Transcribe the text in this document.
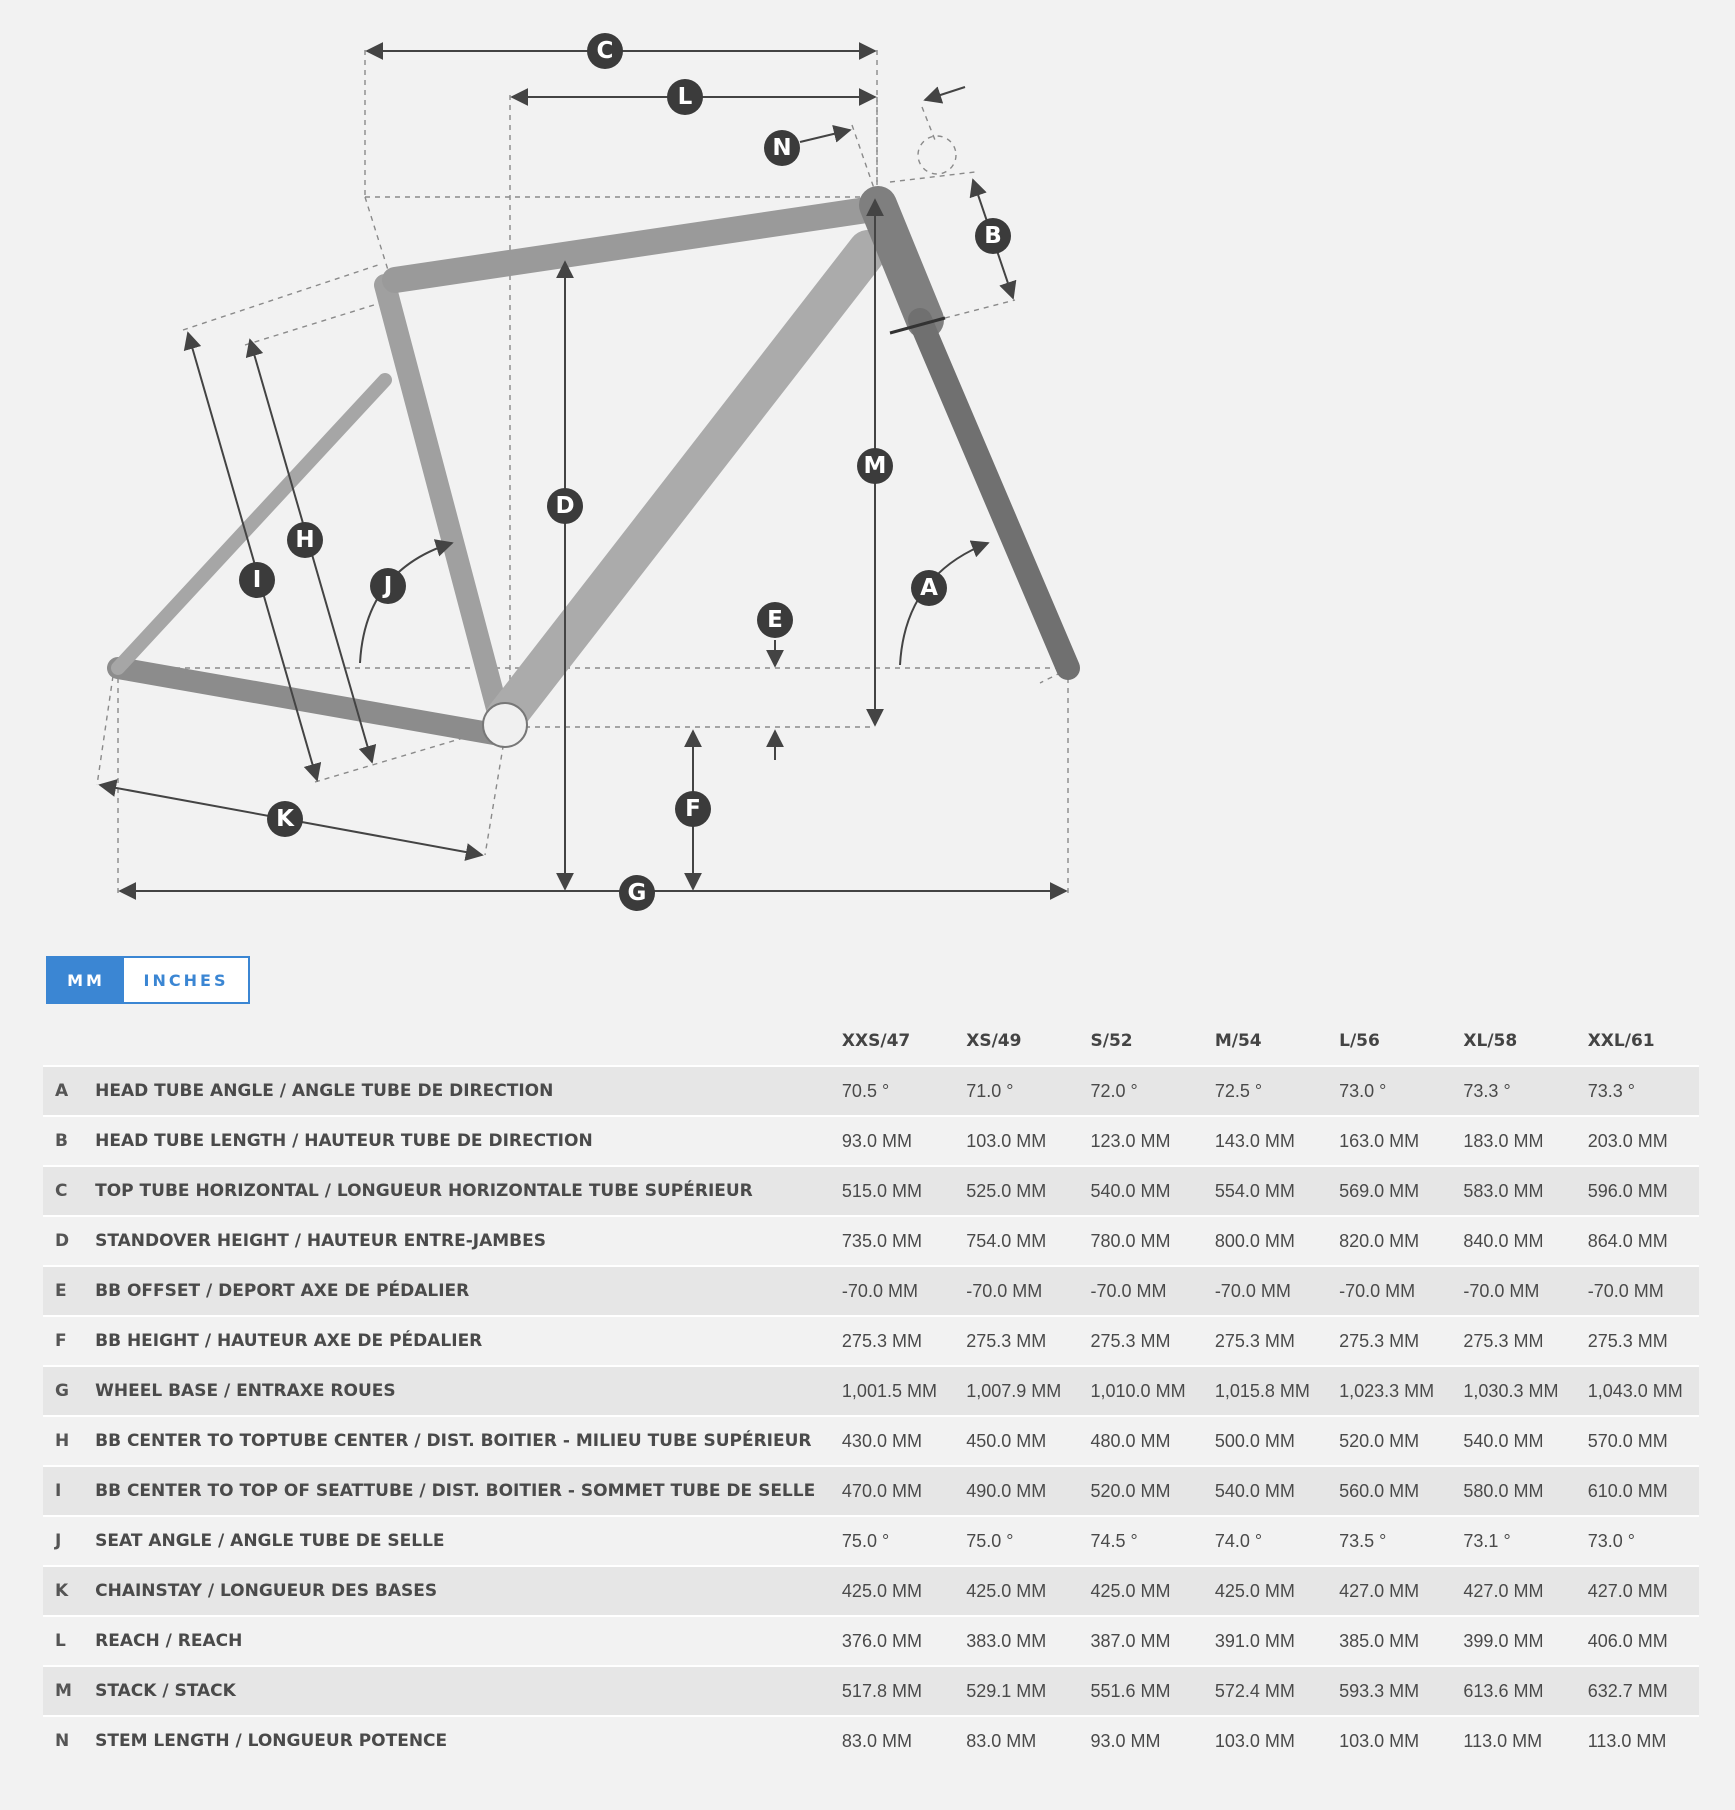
C
L
N
B
M
D
H
I	J	A
E
F
K
G
MM	INCHES
		XXS/47	XS/49	S/52	M/54	L/56	XL/58	XXL/61
A	HEAD TUBE ANGLE / ANGLE TUBE DE DIRECTION	70.5 °	71.0 °	72.0 °	72.5 °	73.0 °	73.3 °	73.3 °
B	HEAD TUBE LENGTH / HAUTEUR TUBE DE DIRECTION	93.0 MM	103.0 MM	123.0 MM	143.0 MM	163.0 MM	183.0 MM	203.0 MM
C	TOP TUBE HORIZONTAL / LONGUEUR HORIZONTALE TUBE SUPÉRIEUR	515.0 MM	525.0 MM	540.0 MM	554.0 MM	569.0 MM	583.0 MM	596.0 MM
D	STANDOVER HEIGHT / HAUTEUR ENTRE-JAMBES	735.0 MM	754.0 MM	780.0 MM	800.0 MM	820.0 MM	840.0 MM	864.0 MM
E	BB OFFSET / DEPORT AXE DE PÉDALIER	-70.0 MM	-70.0 MM	-70.0 MM	-70.0 MM	-70.0 MM	-70.0 MM	-70.0 MM
F	BB HEIGHT / HAUTEUR AXE DE PÉDALIER	275.3 MM	275.3 MM	275.3 MM	275.3 MM	275.3 MM	275.3 MM	275.3 MM
G	WHEEL BASE / ENTRAXE ROUES	1,001.5 MM	1,007.9 MM	1,010.0 MM	1,015.8 MM	1,023.3 MM	1,030.3 MM	1,043.0 MM
H	BB CENTER TO TOPTUBE CENTER / DIST. BOITIER - MILIEU TUBE SUPÉRIEUR	430.0 MM	450.0 MM	480.0 MM	500.0 MM	520.0 MM	540.0 MM	570.0 MM
I	BB CENTER TO TOP OF SEATTUBE / DIST. BOITIER - SOMMET TUBE DE SELLE	470.0 MM	490.0 MM	520.0 MM	540.0 MM	560.0 MM	580.0 MM	610.0 MM
J	SEAT ANGLE / ANGLE TUBE DE SELLE	75.0 °	75.0 °	74.5 °	74.0 °	73.5 °	73.1 °	73.0 °
K	CHAINSTAY / LONGUEUR DES BASES	425.0 MM	425.0 MM	425.0 MM	425.0 MM	427.0 MM	427.0 MM	427.0 MM
L	REACH / REACH	376.0 MM	383.0 MM	387.0 MM	391.0 MM	385.0 MM	399.0 MM	406.0 MM
M	STACK / STACK	517.8 MM	529.1 MM	551.6 MM	572.4 MM	593.3 MM	613.6 MM	632.7 MM
N	STEM LENGTH / LONGUEUR POTENCE	83.0 MM	83.0 MM	93.0 MM	103.0 MM	103.0 MM	113.0 MM	113.0 MM
